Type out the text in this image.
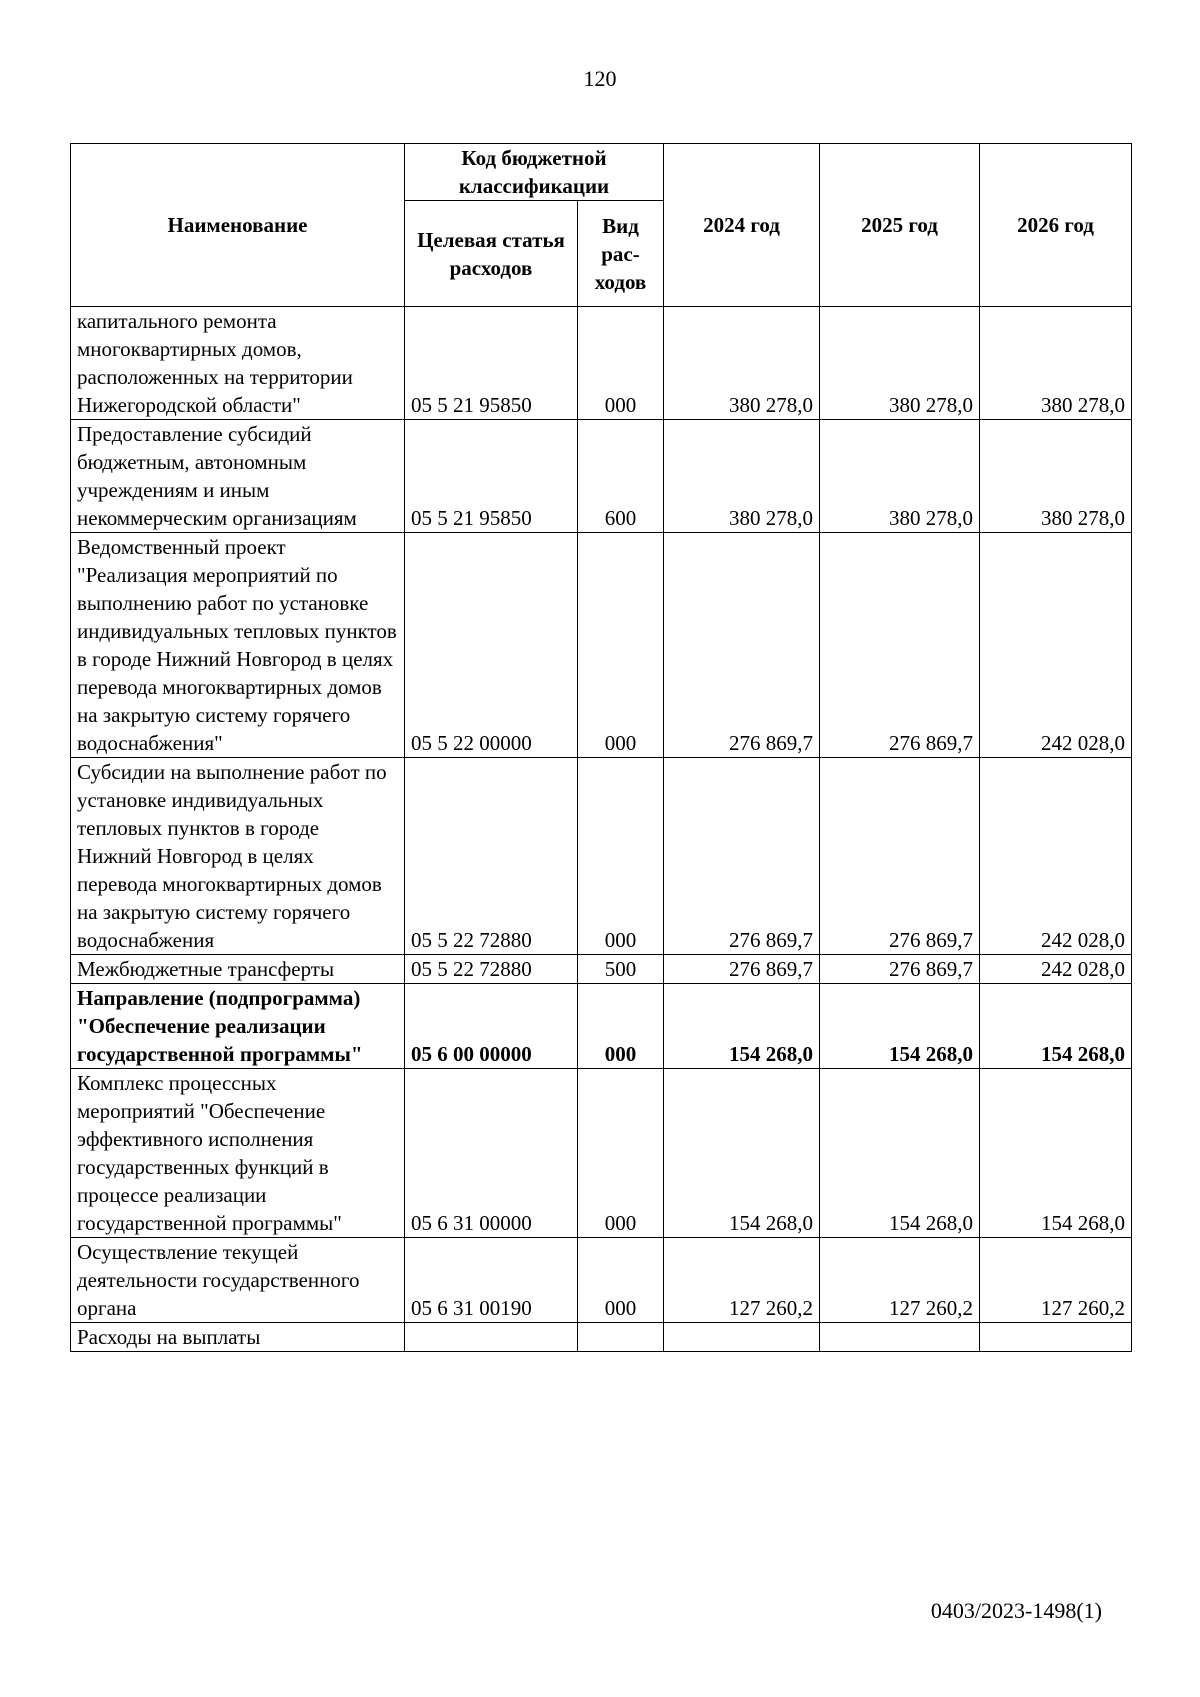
120
Наименование	Код бюджетной классификации		2024 год	2025 год	2026 год
	Целевая статья расходов	Вид рас-ходов			
капитального ремонта многоквартирных домов, расположенных на территории Нижегородской области"	05 5 21 95850	000	380 278,0	380 278,0	380 278,0
Предоставление субсидий бюджетным, автономным учреждениям и иным некоммерческим организациям	05 5 21 95850	600	380 278,0	380 278,0	380 278,0
Ведомственный проект "Реализация мероприятий по выполнению работ по установке индивидуальных тепловых пунктов в городе Нижний Новгород в целях перевода многоквартирных домов на закрытую систему горячего водоснабжения"	05 5 22 00000	000	276 869,7	276 869,7	242 028,0
Субсидии на выполнение работ по установке индивидуальных тепловых пунктов в городе Нижний Новгород в целях перевода многоквартирных домов на закрытую систему горячего водоснабжения	05 5 22 72880	000	276 869,7	276 869,7	242 028,0
Межбюджетные трансферты	05 5 22 72880	500	276 869,7	276 869,7	242 028,0
Направление (подпрограмма) "Обеспечение реализации государственной программы"	05 6 00 00000	000	154 268,0	154 268,0	154 268,0
Комплекс процессных мероприятий "Обеспечение эффективного исполнения государственных функций в процессе реализации государственной программы"	05 6 31 00000	000	154 268,0	154 268,0	154 268,0
Осуществление текущей деятельности государственного органа	05 6 31 00190	000	127 260,2	127 260,2	127 260,2
Расходы на выплаты					
0403/2023-1498(1)
